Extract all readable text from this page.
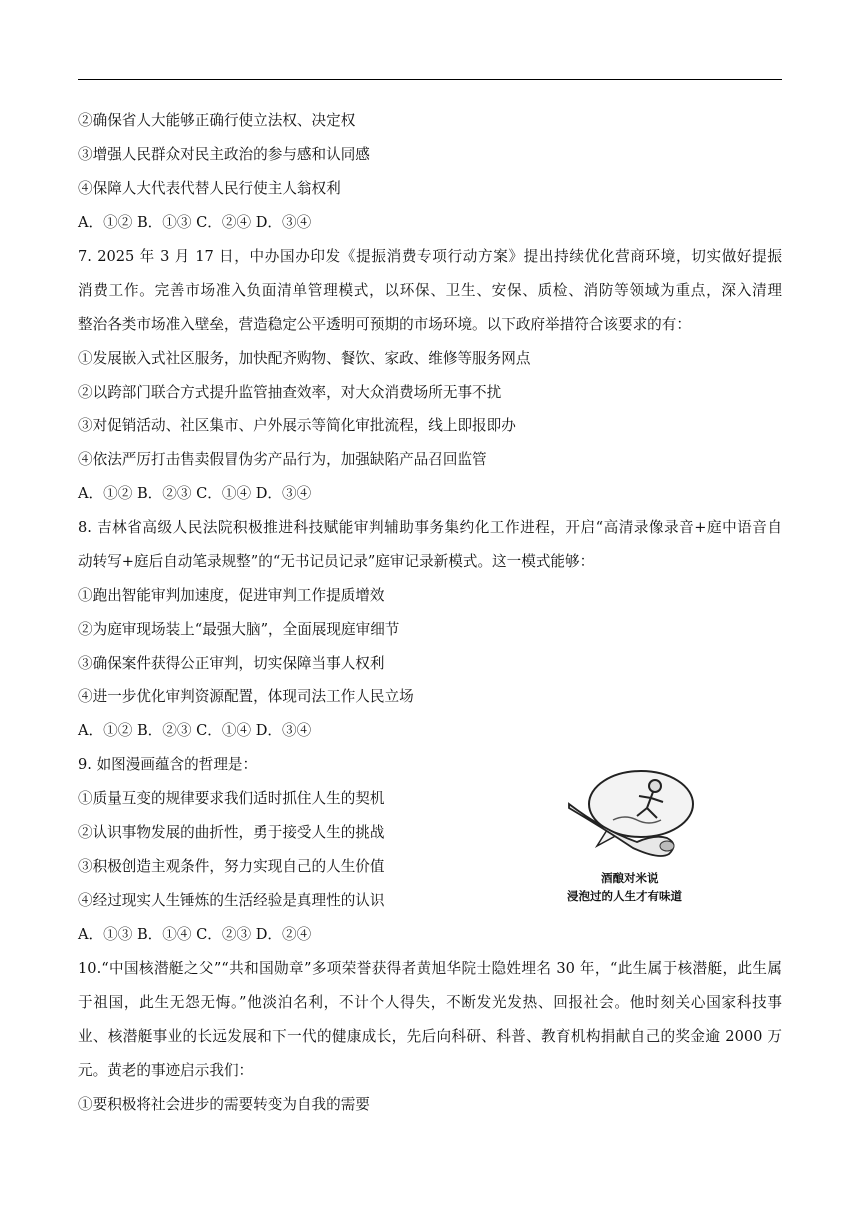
②确保省人大能够正确行使立法权、决定权
③增强人民群众对民主政治的参与感和认同感
④保障人大代表代替人民行使主人翁权利
A．①② B．①③ C．②④ D．③④
7. 2025 年 3 月 17 日，中办国办印发《提振消费专项行动方案》提出持续优化营商环境，切实做好提振
消费工作。完善市场准入负面清单管理模式，以环保、卫生、安保、质检、消防等领域为重点，深入清理
整治各类市场准入壁垒，营造稳定公平透明可预期的市场环境。以下政府举措符合该要求的有：
①发展嵌入式社区服务，加快配齐购物、餐饮、家政、维修等服务网点
②以跨部门联合方式提升监管抽查效率，对大众消费场所无事不扰
③对促销活动、社区集市、户外展示等简化审批流程，线上即报即办
④依法严厉打击售卖假冒伪劣产品行为，加强缺陷产品召回监管
A．①② B．②③ C．①④ D．③④
8. 吉林省高级人民法院积极推进科技赋能审判辅助事务集约化工作进程，开启“高清录像录音+庭中语音自
动转写+庭后自动笔录规整”的“无书记员记录”庭审记录新模式。这一模式能够：
①跑出智能审判加速度，促进审判工作提质增效
②为庭审现场装上“最强大脑”，全面展现庭审细节
③确保案件获得公正审判，切实保障当事人权利
④进一步优化审判资源配置，体现司法工作人民立场
A．①② B．②③ C．①④ D．③④
9. 如图漫画蕴含的哲理是：
①质量互变的规律要求我们适时抓住人生的契机
②认识事物发展的曲折性，勇于接受人生的挑战
③积极创造主观条件，努力实现自己的人生价值
④经过现实人生锤炼的生活经验是真理性的认识
A．①③ B．①④ C．②③ D．②④
酒酿对米说
浸泡过的人生才有味道
10.“中国核潜艇之父”“共和国勋章”多项荣誉获得者黄旭华院士隐姓埋名 30 年，“此生属于核潜艇，此生属
于祖国，此生无怨无悔。”他淡泊名利，不计个人得失，不断发光发热、回报社会。他时刻关心国家科技事
业、核潜艇事业的长远发展和下一代的健康成长，先后向科研、科普、教育机构捐献自己的奖金逾 2000 万
元。黄老的事迹启示我们：
①要积极将社会进步的需要转变为自我的需要
